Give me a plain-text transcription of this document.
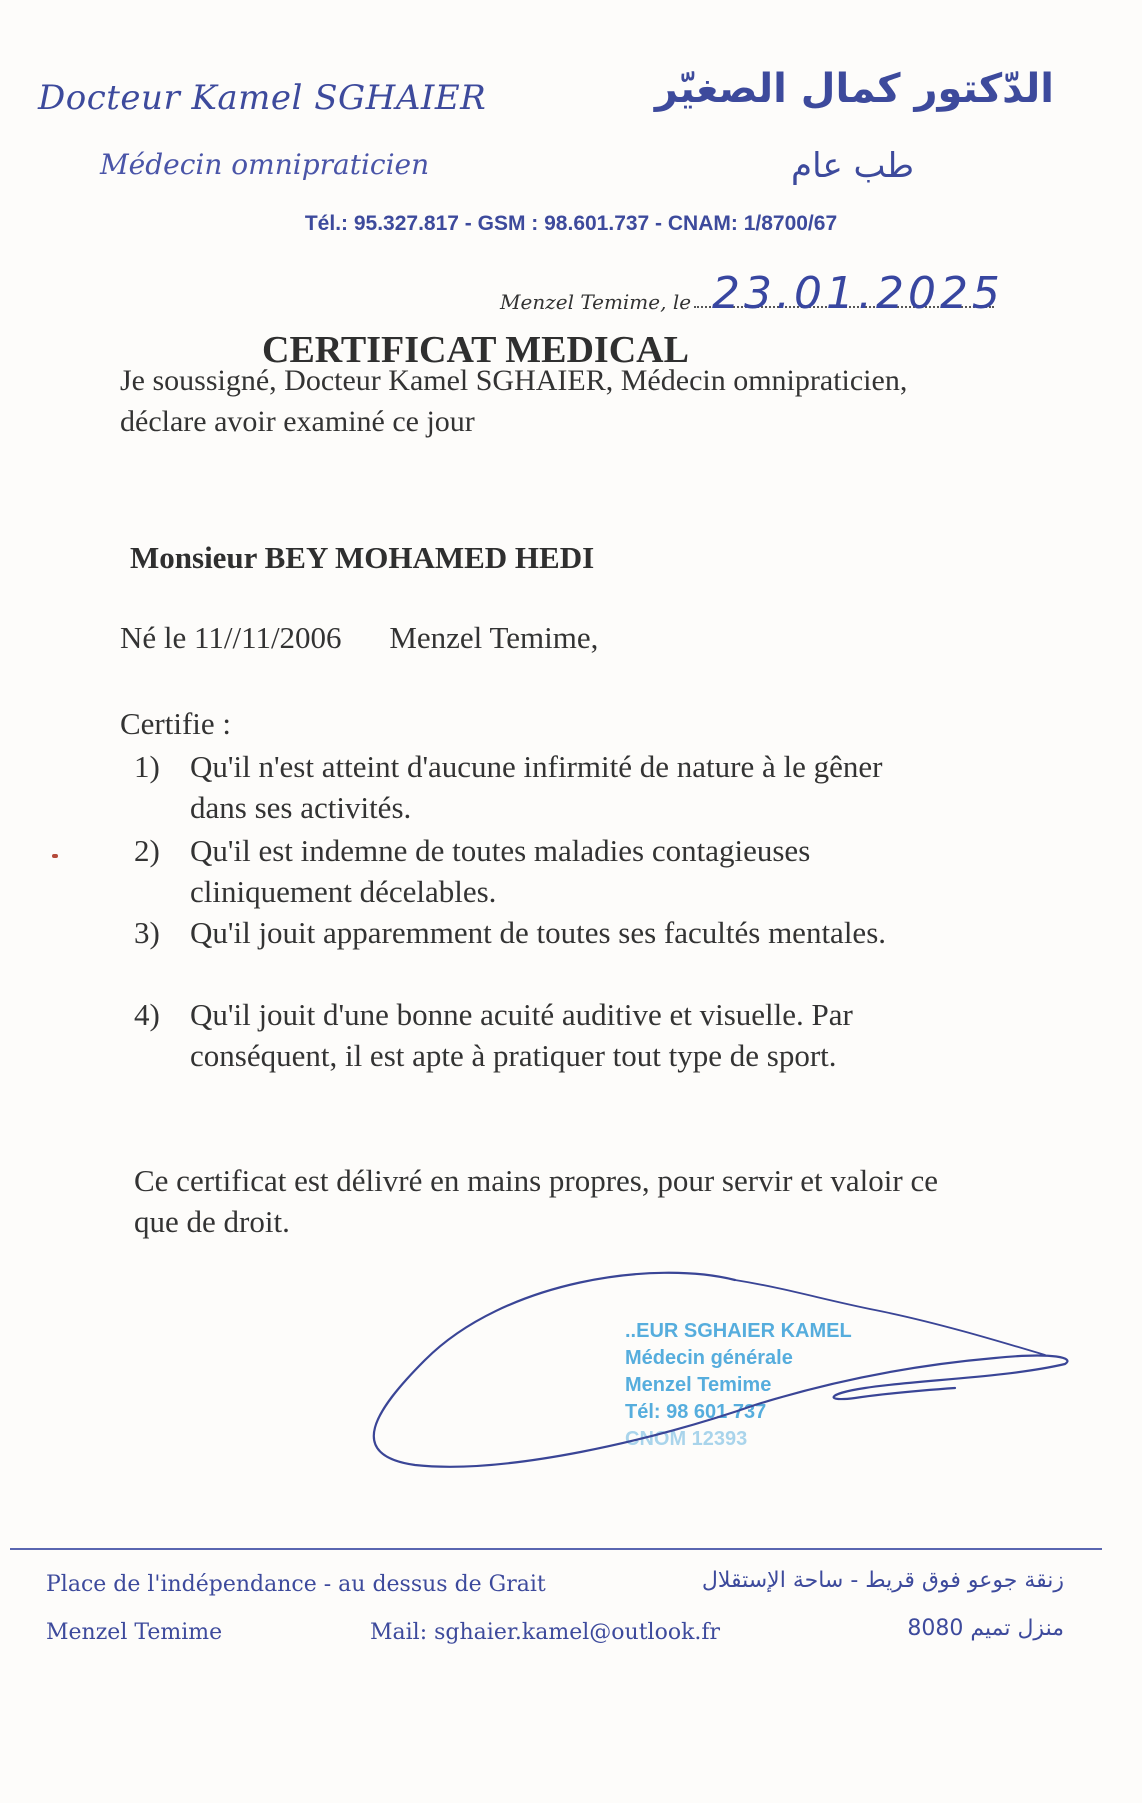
Docteur Kamel SGHAIER
Médecin omnipraticien
الدّكتور كمال الصغيّر
طب عام
Tél.: 95.327.817 - GSM : 98.601.737 - CNAM: 1/8700/67
Menzel Temime, le 23.01.2025
CERTIFICAT MEDICAL
Je soussigné, Docteur Kamel SGHAIER, Médecin omnipraticien, déclare avoir examiné ce jour
Monsieur BEY MOHAMED HEDI
Né le 11//11/2006 Menzel Temime,
Certifie :
1) Qu'il n'est atteint d'aucune infirmité de nature à le gêner dans ses activités.
2) Qu'il est indemne de toutes maladies contagieuses cliniquement décelables.
3) Qu'il jouit apparemment de toutes ses facultés mentales.
4) Qu'il jouit d'une bonne acuité auditive et visuelle. Par conséquent, il est apte à pratiquer tout type de sport.
Ce certificat est délivré en mains propres, pour servir et valoir ce que de droit.
..EUR SGHAIER KAMEL
Médecin générale
Menzel Temime
Tél: 98 601 737
CNOM 12393
Place de l'indépendance - au dessus de Grait
Menzel Temime	Mail: sghaier.kamel@outlook.fr
زنقة جوعو فوق قريط - ساحة الإستقلال
منزل تميم 8080
